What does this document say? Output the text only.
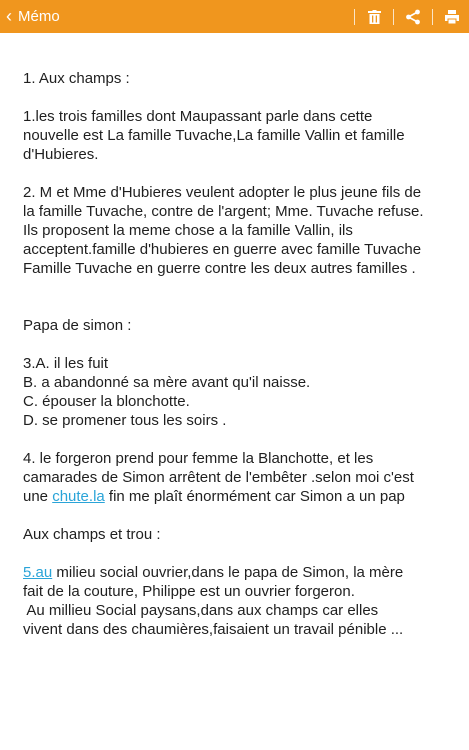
‹ Mémo

1. Aux champs :

1.les trois familles dont Maupassant parle dans cette

nouvelle est La famille Tuvache,La famille Vallin et famille

d'Hubieres.

2. M et Mme d'Hubieres veulent adopter le plus jeune fils de

la famille Tuvache, contre de l'argent; Mme. Tuvache refuse.

Ils proposent la meme chose a la famille Vallin, ils

acceptent.famille d'hubieres en guerre avec famille Tuvache

Famille Tuvache en guerre contre les deux autres familles .

Papa de simon :

3.A. il les fuit

B. a abandonné sa mère avant qu'il naisse.

C. épouser la blonchotte.

D. se promener tous les soirs .

4. le forgeron prend pour femme la Blanchotte, et les

camarades de Simon arrêtent de l'embêter .selon moi c'est

une chute.la fin me plaît énormément car Simon a un pap

Aux champs et trou :

5.au milieu social ouvrier,dans le papa de Simon, la mère

fait de la couture, Philippe est un ouvrier forgeron.

Au millieu Social paysans,dans aux champs car elles

vivent dans des chaumières,faisaient un travail pénible ...
